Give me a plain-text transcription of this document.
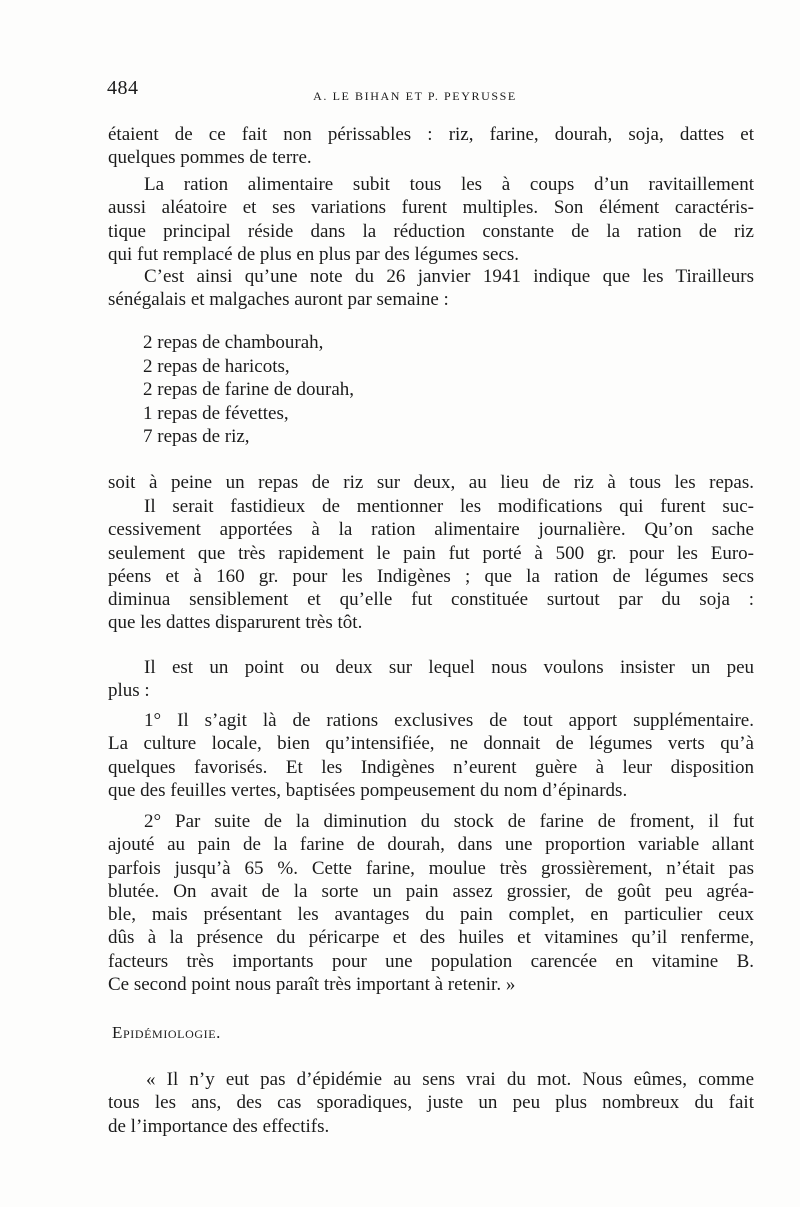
484	A. LE BIHAN ET P. PEYRUSSE
étaient de ce fait non périssables : riz, farine, dourah, soja, dattes et
quelques pommes de terre.
La ration alimentaire subit tous les à coups d’un ravitaillement
aussi aléatoire et ses variations furent multiples. Son élément caractéris-
tique principal réside dans la réduction constante de la ration de riz
qui fut remplacé de plus en plus par des légumes secs.
C’est ainsi qu’une note du 26 janvier 1941 indique que les Tirailleurs
sénégalais et malgaches auront par semaine :
2 repas de chambourah,
2 repas de haricots,
2 repas de farine de dourah,
1 repas de févettes,
7 repas de riz,
soit à peine un repas de riz sur deux, au lieu de riz à tous les repas.
Il serait fastidieux de mentionner les modifications qui furent suc-
cessivement apportées à la ration alimentaire journalière. Qu’on sache
seulement que très rapidement le pain fut porté à 500 gr. pour les Euro-
péens et à 160 gr. pour les Indigènes ; que la ration de légumes secs
diminua sensiblement et qu’elle fut constituée surtout par du soja :
que les dattes disparurent très tôt.
Il est un point ou deux sur lequel nous voulons insister un peu
plus :
1° Il s’agit là de rations exclusives de tout apport supplémentaire.
La culture locale, bien qu’intensifiée, ne donnait de légumes verts qu’à
quelques favorisés. Et les Indigènes n’eurent guère à leur disposition
que des feuilles vertes, baptisées pompeusement du nom d’épinards.
2° Par suite de la diminution du stock de farine de froment, il fut
ajouté au pain de la farine de dourah, dans une proportion variable allant
parfois jusqu’à 65 %. Cette farine, moulue très grossièrement, n’était pas
blutée. On avait de la sorte un pain assez grossier, de goût peu agréa-
ble, mais présentant les avantages du pain complet, en particulier ceux
dûs à la présence du péricarpe et des huiles et vitamines qu’il renferme,
facteurs très importants pour une population carencée en vitamine B.
Ce second point nous paraît très important à retenir. »
Epidémiologie.
« Il n’y eut pas d’épidémie au sens vrai du mot. Nous eûmes, comme
tous les ans, des cas sporadiques, juste un peu plus nombreux du fait
de l’importance des effectifs.
